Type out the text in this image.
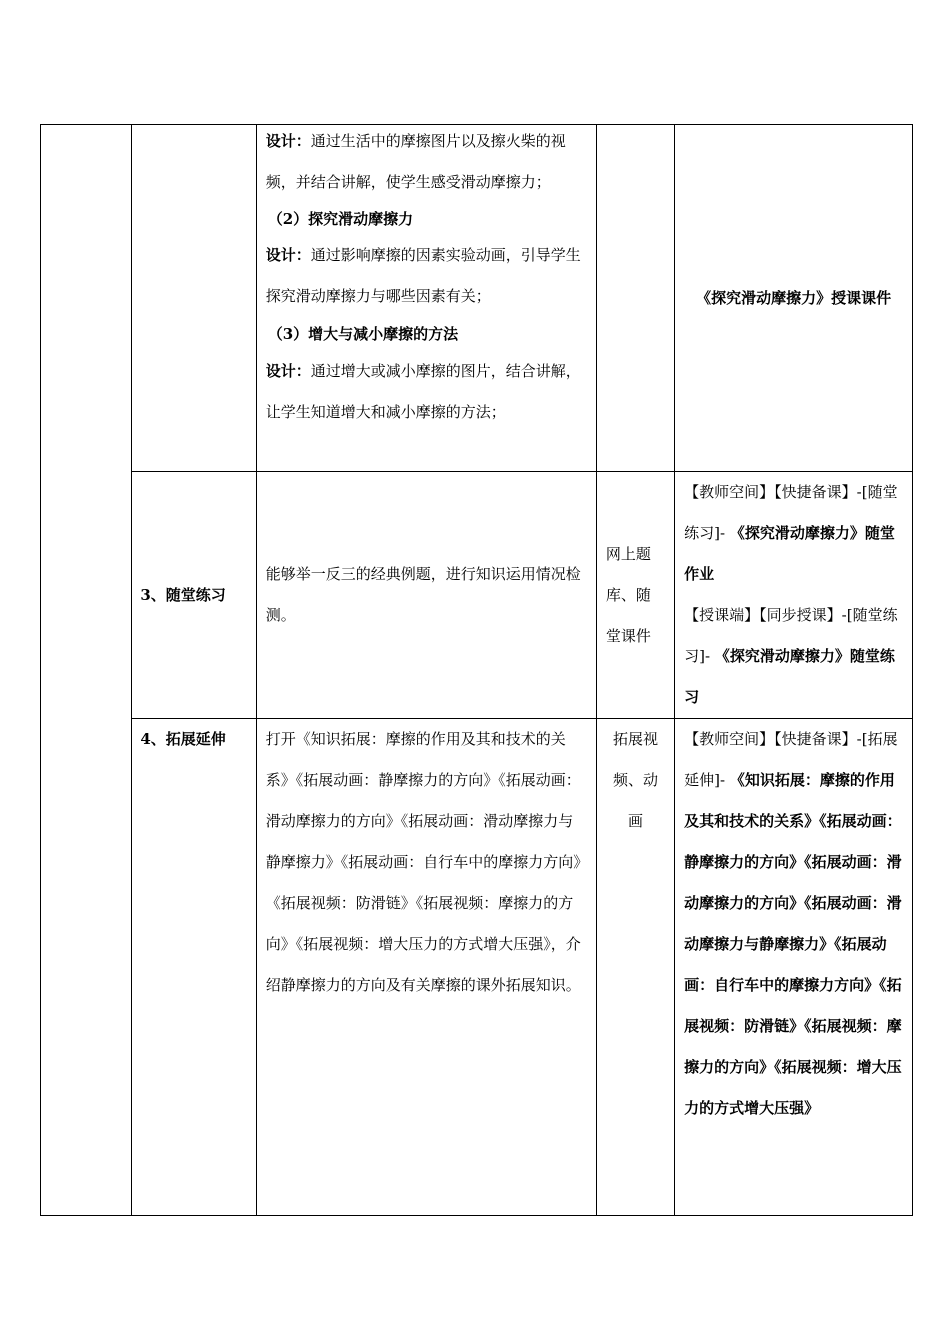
		设计：通过生活中的摩擦图片以及擦火柴的视频，并结合讲解，使学生感受滑动摩擦力；
（2）探究滑动摩擦力
设计：通过影响摩擦的因素实验动画，引导学生探究滑动摩擦力与哪些因素有关；
（3）增大与减小摩擦的方法
设计：通过增大或减小摩擦的图片，结合讲解，让学生知道增大和减小摩擦的方法；		《探究滑动摩擦力》授课课件
	3、随堂练习	能够举一反三的经典例题，进行知识运用情况检测。	网上题库、随堂课件	【教师空间】【快捷备课】-[随堂练习]- 《探究滑动摩擦力》随堂作业
【授课端】【同步授课】-[随堂练习]- 《探究滑动摩擦力》随堂练习

	4、拓展延伸	打开《知识拓展：摩擦的作用及其和技术的关系》《拓展动画：静摩擦力的方向》《拓展动画：滑动摩擦力的方向》《拓展动画：滑动摩擦力与静摩擦力》《拓展动画：自行车中的摩擦力方向》《拓展视频：防滑链》《拓展视频：摩擦力的方向》《拓展视频：增大压力的方式增大压强》，介绍静摩擦力的方向及有关摩擦的课外拓展知识。	拓展视频、动画	【教师空间】【快捷备课】-[拓展延伸]- 《知识拓展：摩擦的作用及其和技术的关系》《拓展动画：静摩擦力的方向》《拓展动画：滑动摩擦力的方向》《拓展动画：滑动摩擦力与静摩擦力》《拓展动画：自行车中的摩擦力方向》《拓展视频：防滑链》《拓展视频：摩擦力的方向》《拓展视频：增大压力的方式增大压强》
